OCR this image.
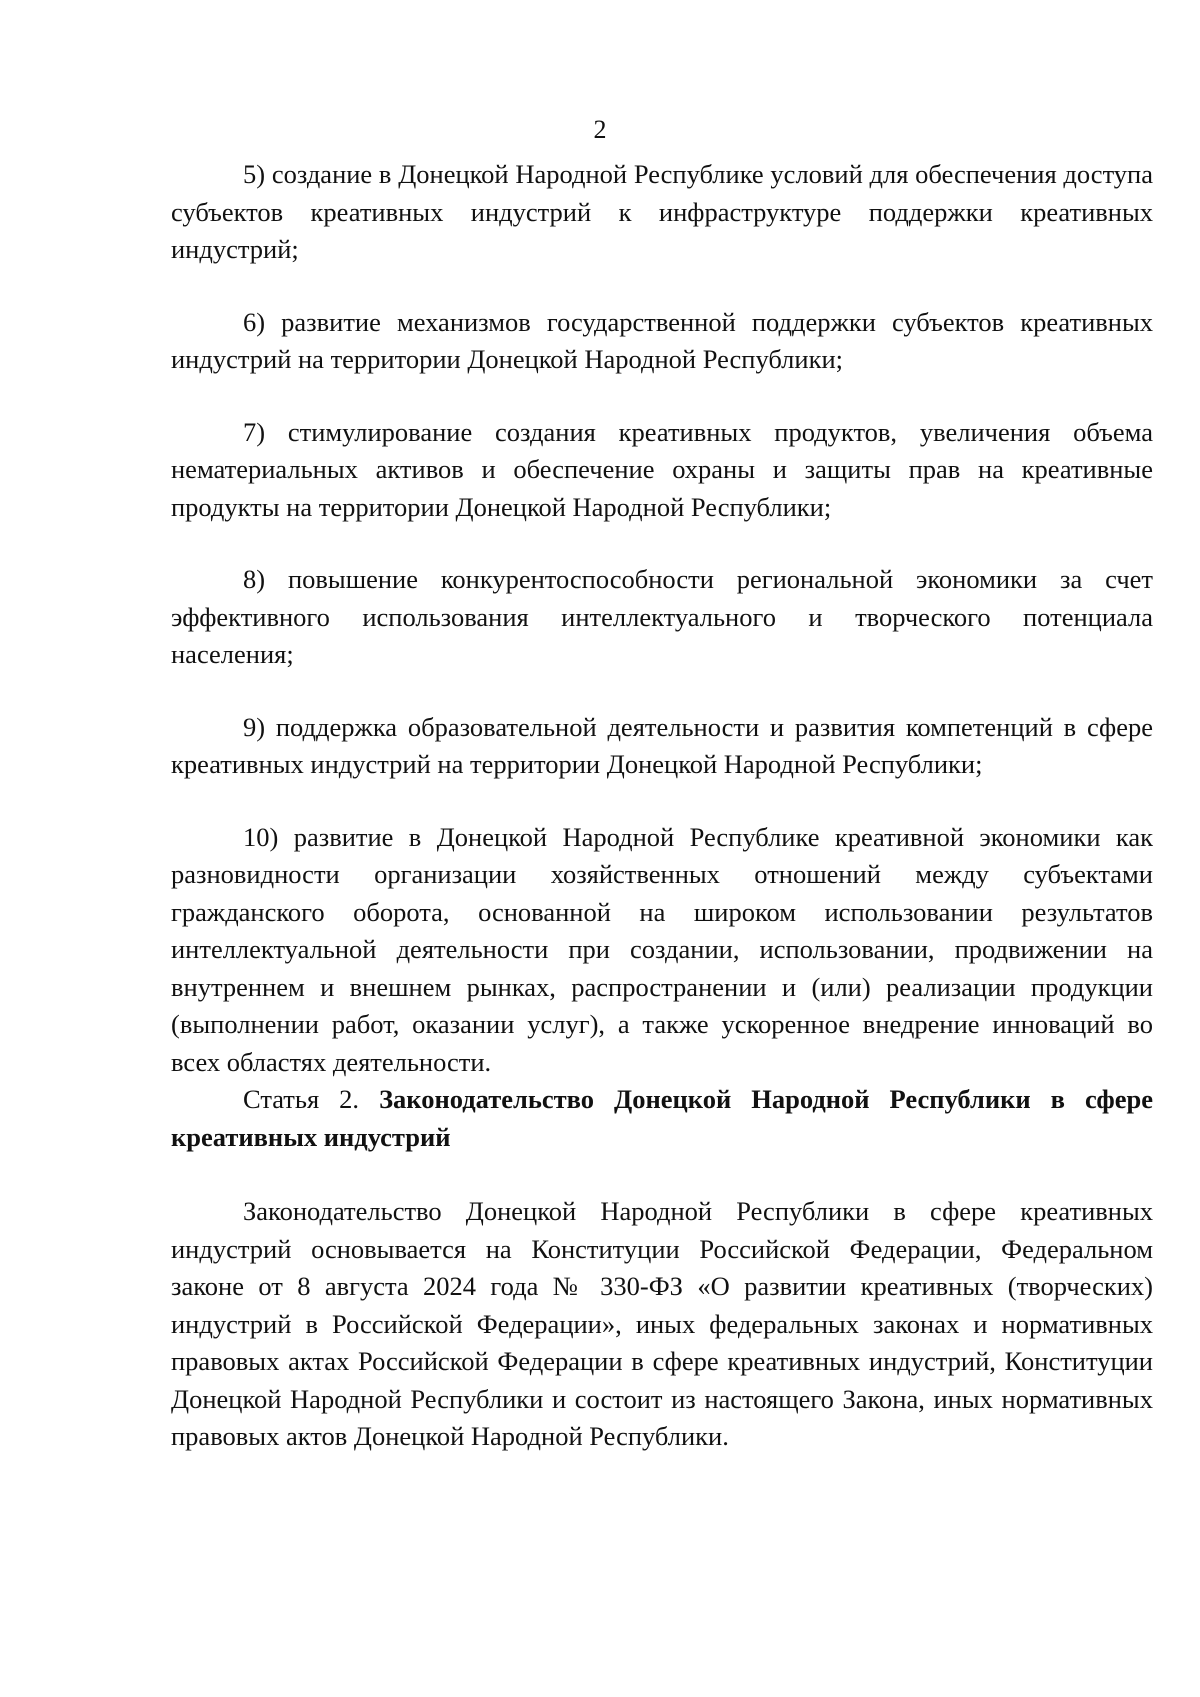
2

5) создание в Донецкой Народной Республике условий для обеспечения доступа субъектов креативных индустрий к инфраструктуре поддержки креативных индустрий;

6) развитие механизмов государственной поддержки субъектов креативных индустрий на территории Донецкой Народной Республики;

7) стимулирование создания креативных продуктов, увеличения объема нематериальных активов и обеспечение охраны и защиты прав на креативные продукты на территории Донецкой Народной Республики;

8) повышение конкурентоспособности региональной экономики за счет эффективного использования интеллектуального и творческого потенциала населения;

9) поддержка образовательной деятельности и развития компетенций в сфере креативных индустрий на территории Донецкой Народной Республики;

10) развитие в Донецкой Народной Республике креативной экономики как разновидности организации хозяйственных отношений между субъектами гражданского оборота, основанной на широком использовании результатов интеллектуальной деятельности при создании, использовании, продвижении на внутреннем и внешнем рынках, распространении и (или) реализации продукции (выполнении работ, оказании услуг), а также ускоренное внедрение инноваций во всех областях деятельности.

Статья 2. Законодательство Донецкой Народной Республики в сфере креативных индустрий

Законодательство Донецкой Народной Республики в сфере креативных индустрий основывается на Конституции Российской Федерации, Федеральном законе от 8 августа 2024 года № 330-ФЗ «О развитии креативных (творческих) индустрий в Российской Федерации», иных федеральных законах и нормативных правовых актах Российской Федерации в сфере креативных индустрий, Конституции Донецкой Народной Республики и состоит из настоящего Закона, иных нормативных правовых актов Донецкой Народной Республики.
